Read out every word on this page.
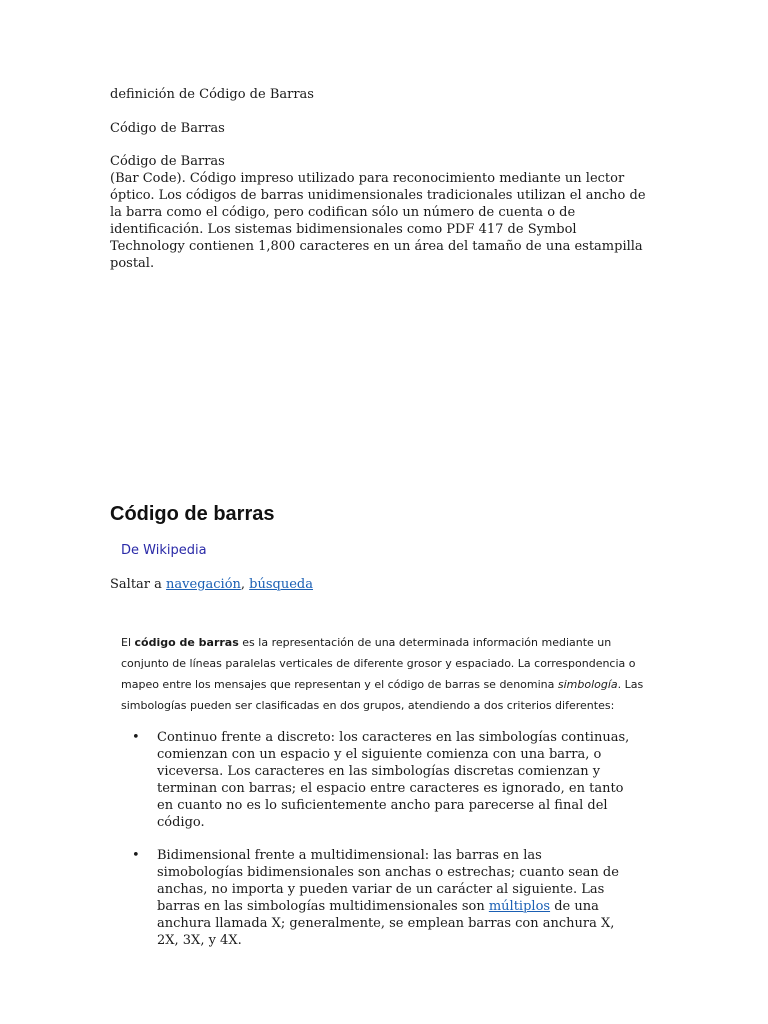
definición de Código de Barras
Código de Barras
Código de Barras
(Bar Code). Código impreso utilizado para reconocimiento mediante un lector óptico. Los códigos de barras unidimensionales tradicionales utilizan el ancho de la barra como el código, pero codifican sólo un número de cuenta o de identificación. Los sistemas bidimensionales como PDF 417 de Symbol Technology contienen 1,800 caracteres en un área del tamaño de una estampilla postal.
Código de barras
De Wikipedia
Saltar a navegación, búsqueda
El código de barras es la representación de una determinada información mediante un conjunto de líneas paralelas verticales de diferente grosor y espaciado. La correspondencia o mapeo entre los mensajes que representan y el código de barras se denomina simbología. Las simbologías pueden ser clasificadas en dos grupos, atendiendo a dos criterios diferentes:
• Continuo frente a discreto: los caracteres en las simbologías continuas, comienzan con un espacio y el siguiente comienza con una barra, o viceversa. Los caracteres en las simbologías discretas comienzan y terminan con barras; el espacio entre caracteres es ignorado, en tanto en cuanto no es lo suficientemente ancho para parecerse al final del código.
• Bidimensional frente a multidimensional: las barras en las simobologías bidimensionales son anchas o estrechas; cuanto sean de anchas, no importa y pueden variar de un carácter al siguiente. Las barras en las simbologías multidimensionales son múltiplos de una anchura llamada X; generalmente, se emplean barras con anchura X, 2X, 3X, y 4X.
